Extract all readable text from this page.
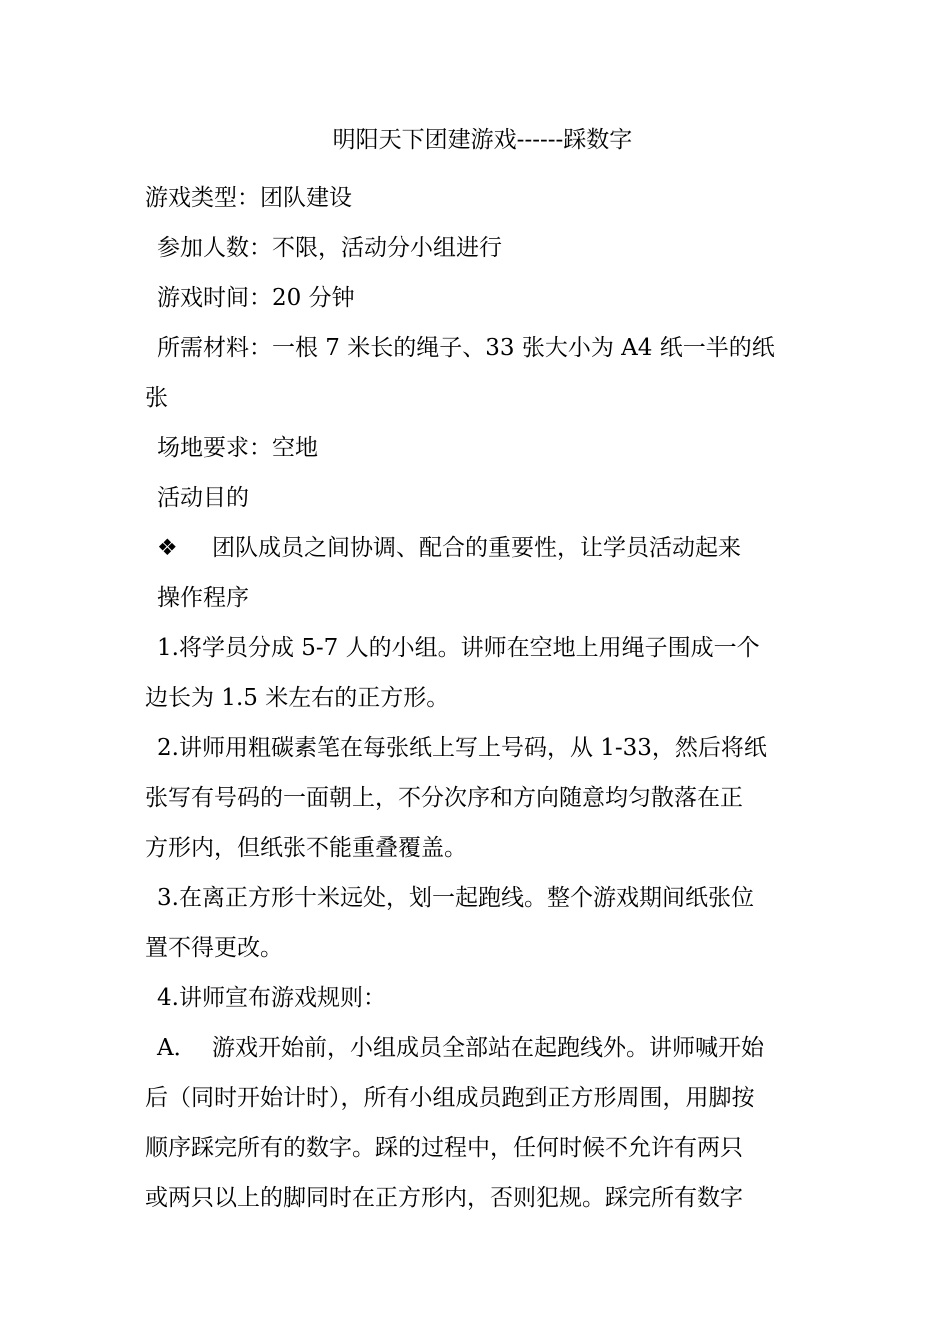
明阳天下团建游戏------踩数字
游戏类型：团队建设
参加人数：不限，活动分小组进行
游戏时间：20 分钟
所需材料：一根 7 米长的绳子、33 张大小为 A4 纸一半的纸
张
场地要求：空地
活动目的
❖ 团队成员之间协调、配合的重要性，让学员活动起来
操作程序
1.将学员分成 5-7 人的小组。讲师在空地上用绳子围成一个
边长为 1.5 米左右的正方形。
2.讲师用粗碳素笔在每张纸上写上号码，从 1-33，然后将纸
张写有号码的一面朝上，不分次序和方向随意均匀散落在正
方形内，但纸张不能重叠覆盖。
3.在离正方形十米远处，划一起跑线。整个游戏期间纸张位
置不得更改。
4.讲师宣布游戏规则：
A． 游戏开始前，小组成员全部站在起跑线外。讲师喊开始
后（同时开始计时），所有小组成员跑到正方形周围，用脚按
顺序踩完所有的数字。踩的过程中，任何时候不允许有两只
或两只以上的脚同时在正方形内，否则犯规。踩完所有数字
